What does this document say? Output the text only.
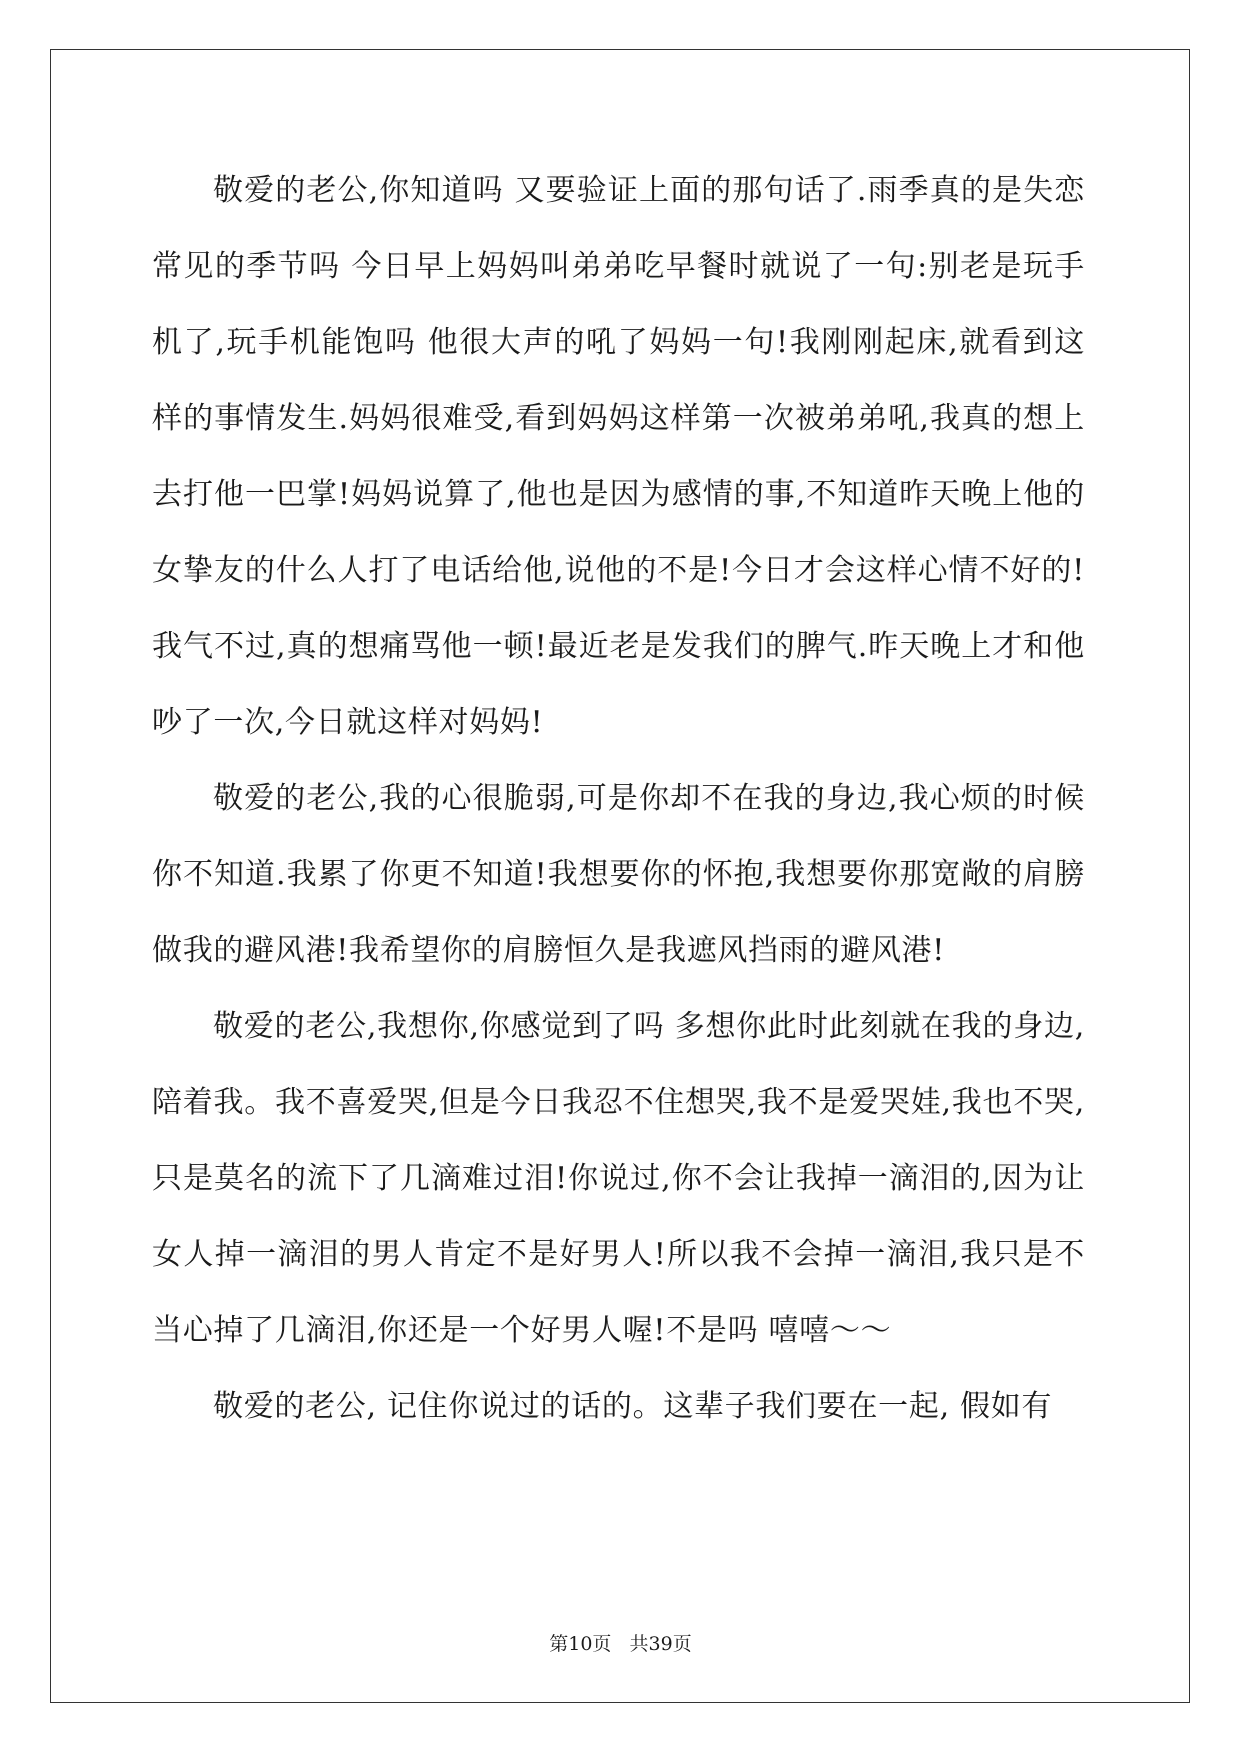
敬爱的老公,你知道吗 又要验证上面的那句话了.雨季真的是失恋常见的季节吗 今日早上妈妈叫弟弟吃早餐时就说了一句:别老是玩手机了,玩手机能饱吗 他很大声的吼了妈妈一句!我刚刚起床,就看到这样的事情发生.妈妈很难受,看到妈妈这样第一次被弟弟吼,我真的想上去打他一巴掌!妈妈说算了,他也是因为感情的事,不知道昨天晚上他的女挚友的什么人打了电话给他,说他的不是!今日才会这样心情不好的!我气不过,真的想痛骂他一顿!最近老是发我们的脾气.昨天晚上才和他吵了一次,今日就这样对妈妈!

敬爱的老公,我的心很脆弱,可是你却不在我的身边,我心烦的时候你不知道.我累了你更不知道!我想要你的怀抱,我想要你那宽敞的肩膀做我的避风港!我希望你的肩膀恒久是我遮风挡雨的避风港!

敬爱的老公,我想你,你感觉到了吗 多想你此时此刻就在我的身边,陪着我。我不喜爱哭,但是今日我忍不住想哭,我不是爱哭娃,我也不哭,只是莫名的流下了几滴难过泪!你说过,你不会让我掉一滴泪的,因为让女人掉一滴泪的男人肯定不是好男人!所以我不会掉一滴泪,我只是不当心掉了几滴泪,你还是一个好男人喔!不是吗 嘻嘻～～

敬爱的老公, 记住你说过的话的。这辈子我们要在一起, 假如有

第10页   共39页
